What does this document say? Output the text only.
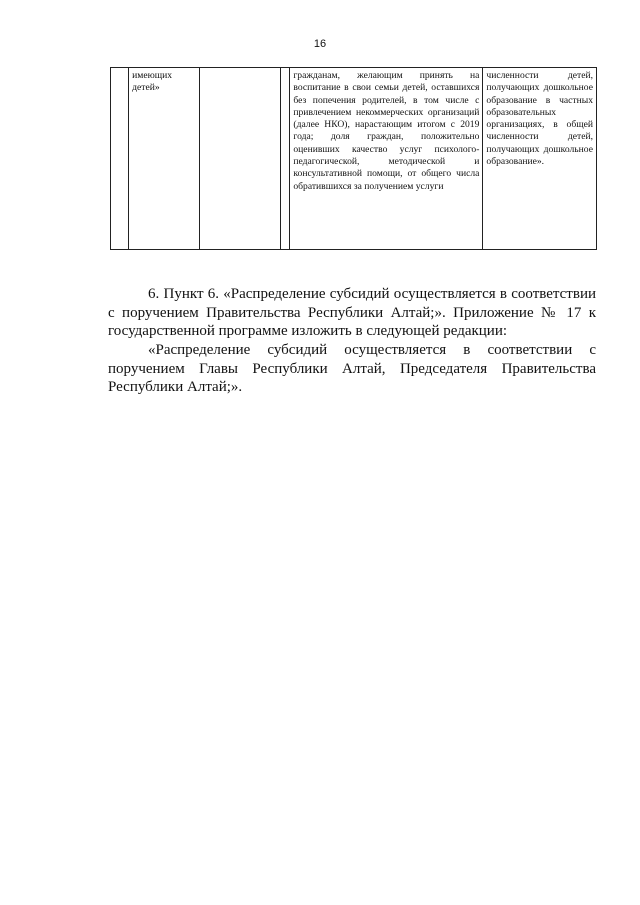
16
	имеющих детей»			гражданам, желающим принять на воспитание в свои семьи детей, оставшихся без попечения родителей, в том числе с привлечением некоммерческих организаций (далее НКО), нарастающим итогом с 2019 года; доля граждан, положительно оценивших качество услуг психолого-педагогической, методической и консультативной помощи, от общего числа обратившихся за получением услуги	численности детей, получающих дошкольное образование в частных образовательных организациях, в общей численности детей, получающих дошкольное образование».

6. Пункт 6. «Распределение субсидий осуществляется в соответствии с поручением Правительства Республики Алтай;». Приложение № 17 к государственной программе изложить в следующей редакции:

«Распределение субсидий осуществляется в соответствии с поручением Главы Республики Алтай, Председателя Правительства Республики Алтай;».
